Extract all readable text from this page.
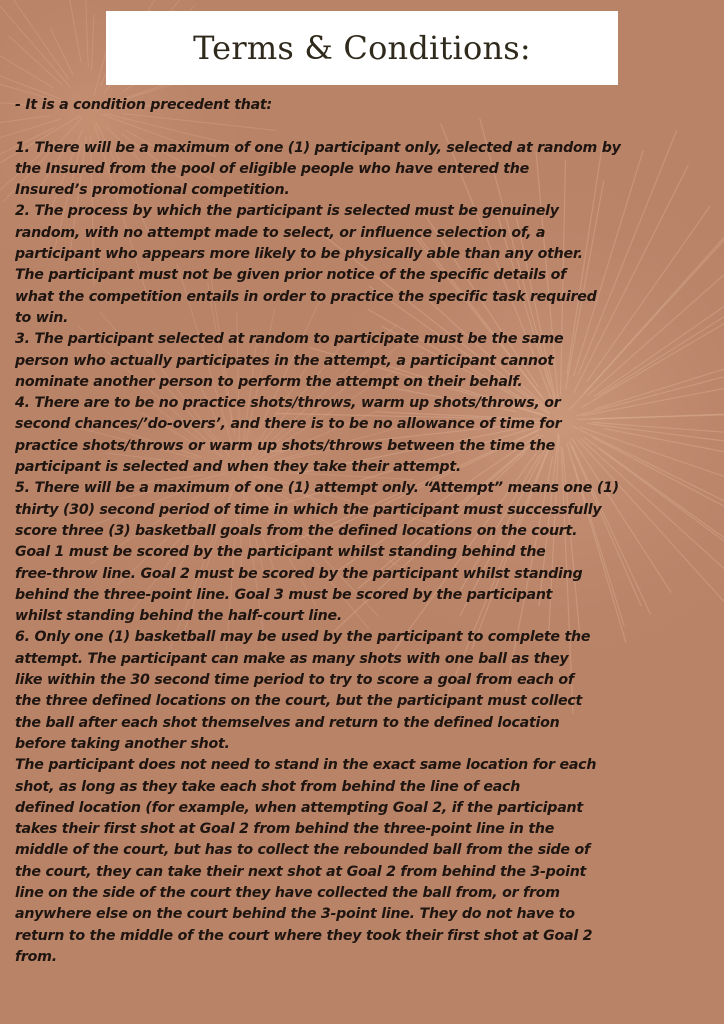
Terms & Conditions:
- It is a condition precedent that:
1. There will be a maximum of one (1) participant only, selected at random by
the Insured from the pool of eligible people who have entered the
Insured’s promotional competition.
2. The process by which the participant is selected must be genuinely
random, with no attempt made to select, or influence selection of, a
participant who appears more likely to be physically able than any other.
The participant must not be given prior notice of the specific details of
what the competition entails in order to practice the specific task required
to win.
3. The participant selected at random to participate must be the same
person who actually participates in the attempt, a participant cannot
nominate another person to perform the attempt on their behalf.
4. There are to be no practice shots/throws, warm up shots/throws, or
second chances/’do-overs’, and there is to be no allowance of time for
practice shots/throws or warm up shots/throws between the time the
participant is selected and when they take their attempt.
5. There will be a maximum of one (1) attempt only. “Attempt” means one (1)
thirty (30) second period of time in which the participant must successfully
score three (3) basketball goals from the defined locations on the court.
Goal 1 must be scored by the participant whilst standing behind the
free-throw line. Goal 2 must be scored by the participant whilst standing
behind the three-point line. Goal 3 must be scored by the participant
whilst standing behind the half-court line.
6. Only one (1) basketball may be used by the participant to complete the
attempt. The participant can make as many shots with one ball as they
like within the 30 second time period to try to score a goal from each of
the three defined locations on the court, but the participant must collect
the ball after each shot themselves and return to the defined location
before taking another shot.
The participant does not need to stand in the exact same location for each
shot, as long as they take each shot from behind the line of each
defined location (for example, when attempting Goal 2, if the participant
takes their first shot at Goal 2 from behind the three-point line in the
middle of the court, but has to collect the rebounded ball from the side of
the court, they can take their next shot at Goal 2 from behind the 3-point
line on the side of the court they have collected the ball from, or from
anywhere else on the court behind the 3-point line. They do not have to
return to the middle of the court where they took their first shot at Goal 2
from.
